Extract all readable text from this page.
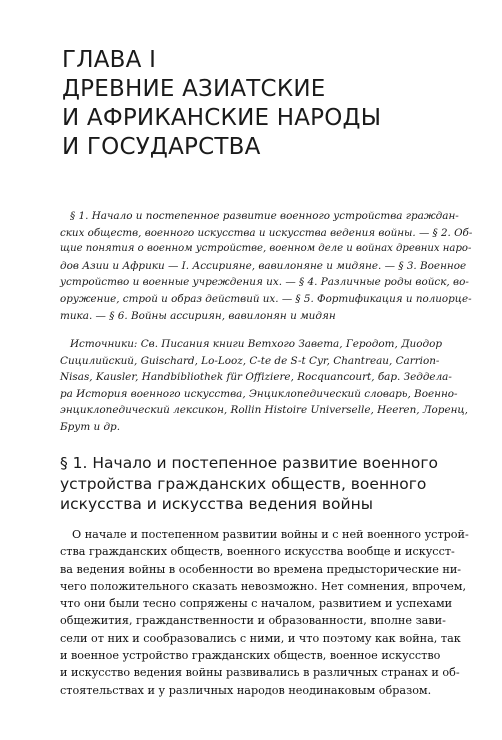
ГЛАВА I
ДРЕВНИЕ АЗИАТСКИЕ
И АФРИКАНСКИЕ НАРОДЫ
И ГОСУДАРСТВА
§ 1. Начало и постепенное развитие военного устройства граждан-
ских обществ, военного искусства и искусства ведения войны. — § 2. Об-
щие понятия о военном устройстве, военном деле и войнах древних наро-
дов Азии и Африки — I. Ассирияне, вавилоняне и мидяне. — § 3. Военное
устройство и военные учреждения их. — § 4. Различные роды войск, во-
оружение, строй и образ действий их. — § 5. Фортификация и полиорце-
тика. — § 6. Войны ассириян, вавилонян и мидян
Источники: Св. Писания книги Ветхого Завета, Геродот, Диодор
Сицилийский, Guischard, Lo-Looz, C-te de S-t Cyr, Chantreau, Carrion-
Nisas, Kausler, Handbibliothek für Offiziere, Rocquancourt, бар. Зеддела-
ра История военного искусства, Энциклопедический словарь, Военно-
энциклопедический лексикон, Rollin Histoire Universelle, Heeren, Лоренц,
Брут и др.
§ 1. Начало и постепенное развитие военного
устройства гражданских обществ, военного
искусства и искусства ведения войны
О начале и постепенном развитии войны и с ней военного устрой-
ства гражданских обществ, военного искусства вообще и искусст-
ва ведения войны в особенности во времена предысторические ни-
чего положительного сказать невозможно. Нет сомнения, впрочем,
что они были тесно сопряжены с началом, развитием и успехами
общежития, гражданственности и образованности, вполне зави-
сели от них и сообразовались с ними, и что поэтому как война, так
и военное устройство гражданских обществ, военное искусство
и искусство ведения войны развивались в различных странах и об-
стоятельствах и у различных народов неодинаковым образом.
